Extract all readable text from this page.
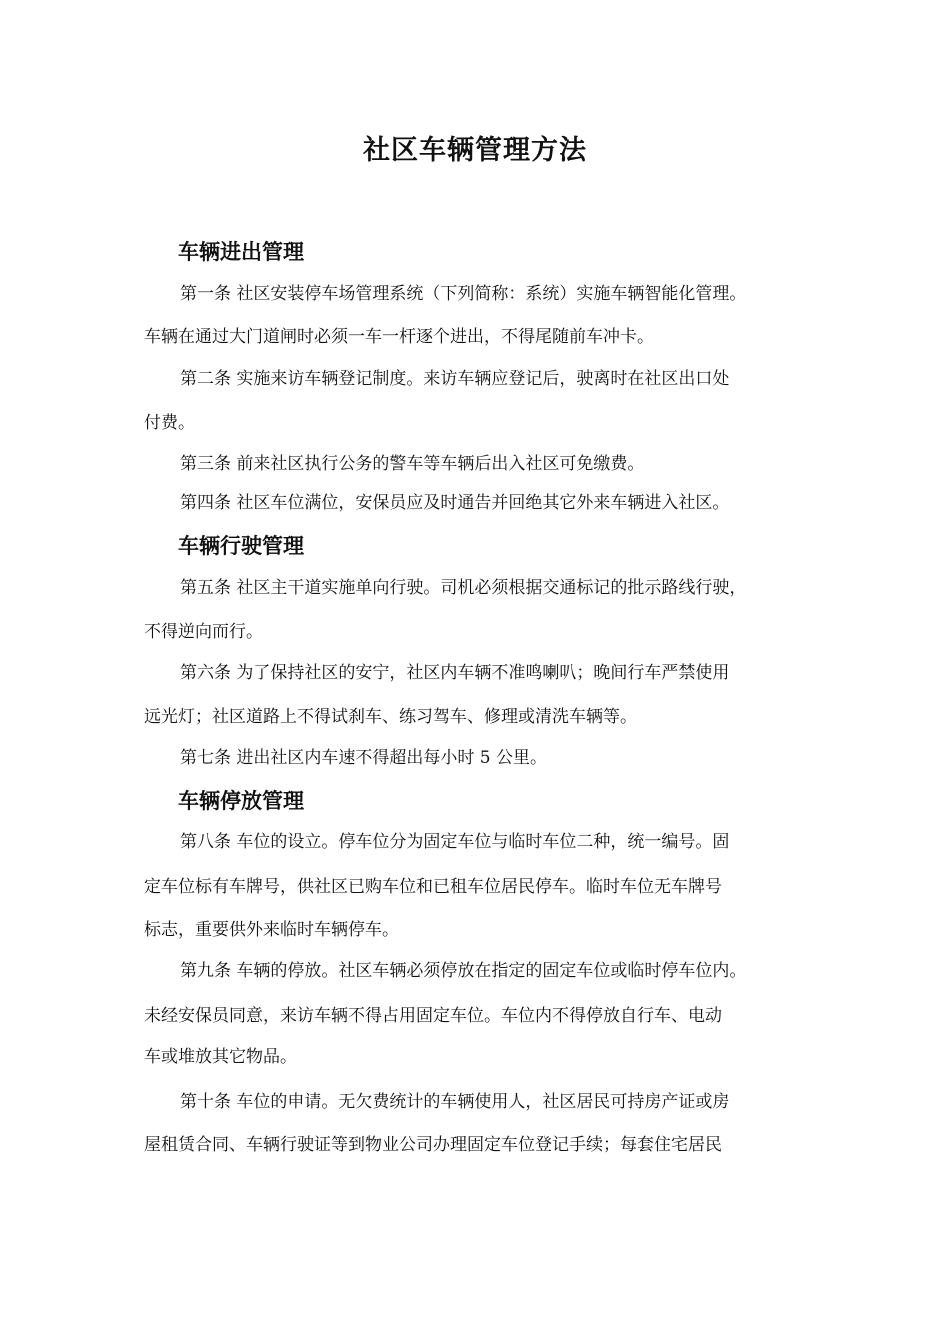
社区车辆管理方法
车辆进出管理

第一条 社区安装停车场管理系统（下列简称：系统）实施车辆智能化管理。

车辆在通过大门道闸时必须一车一杆逐个进出，不得尾随前车冲卡。

第二条 实施来访车辆登记制度。来访车辆应登记后，驶离时在社区出口处

付费。

第三条 前来社区执行公务的警车等车辆后出入社区可免缴费。

第四条 社区车位满位，安保员应及时通告并回绝其它外来车辆进入社区。

车辆行驶管理

第五条 社区主干道实施单向行驶。司机必须根据交通标记的批示路线行驶，

不得逆向而行。

第六条 为了保持社区的安宁，社区内车辆不准鸣喇叭；晚间行车严禁使用

远光灯；社区道路上不得试刹车、练习驾车、修理或清洗车辆等。

第七条 进出社区内车速不得超出每小时 5 公里。

车辆停放管理

第八条 车位的设立。停车位分为固定车位与临时车位二种，统一编号。固

定车位标有车牌号，供社区已购车位和已租车位居民停车。临时车位无车牌号

标志，重要供外来临时车辆停车。

第九条 车辆的停放。社区车辆必须停放在指定的固定车位或临时停车位内。

未经安保员同意，来访车辆不得占用固定车位。车位内不得停放自行车、电动

车或堆放其它物品。

第十条 车位的申请。无欠费统计的车辆使用人，社区居民可持房产证或房

屋租赁合同、车辆行驶证等到物业公司办理固定车位登记手续；每套住宅居民
